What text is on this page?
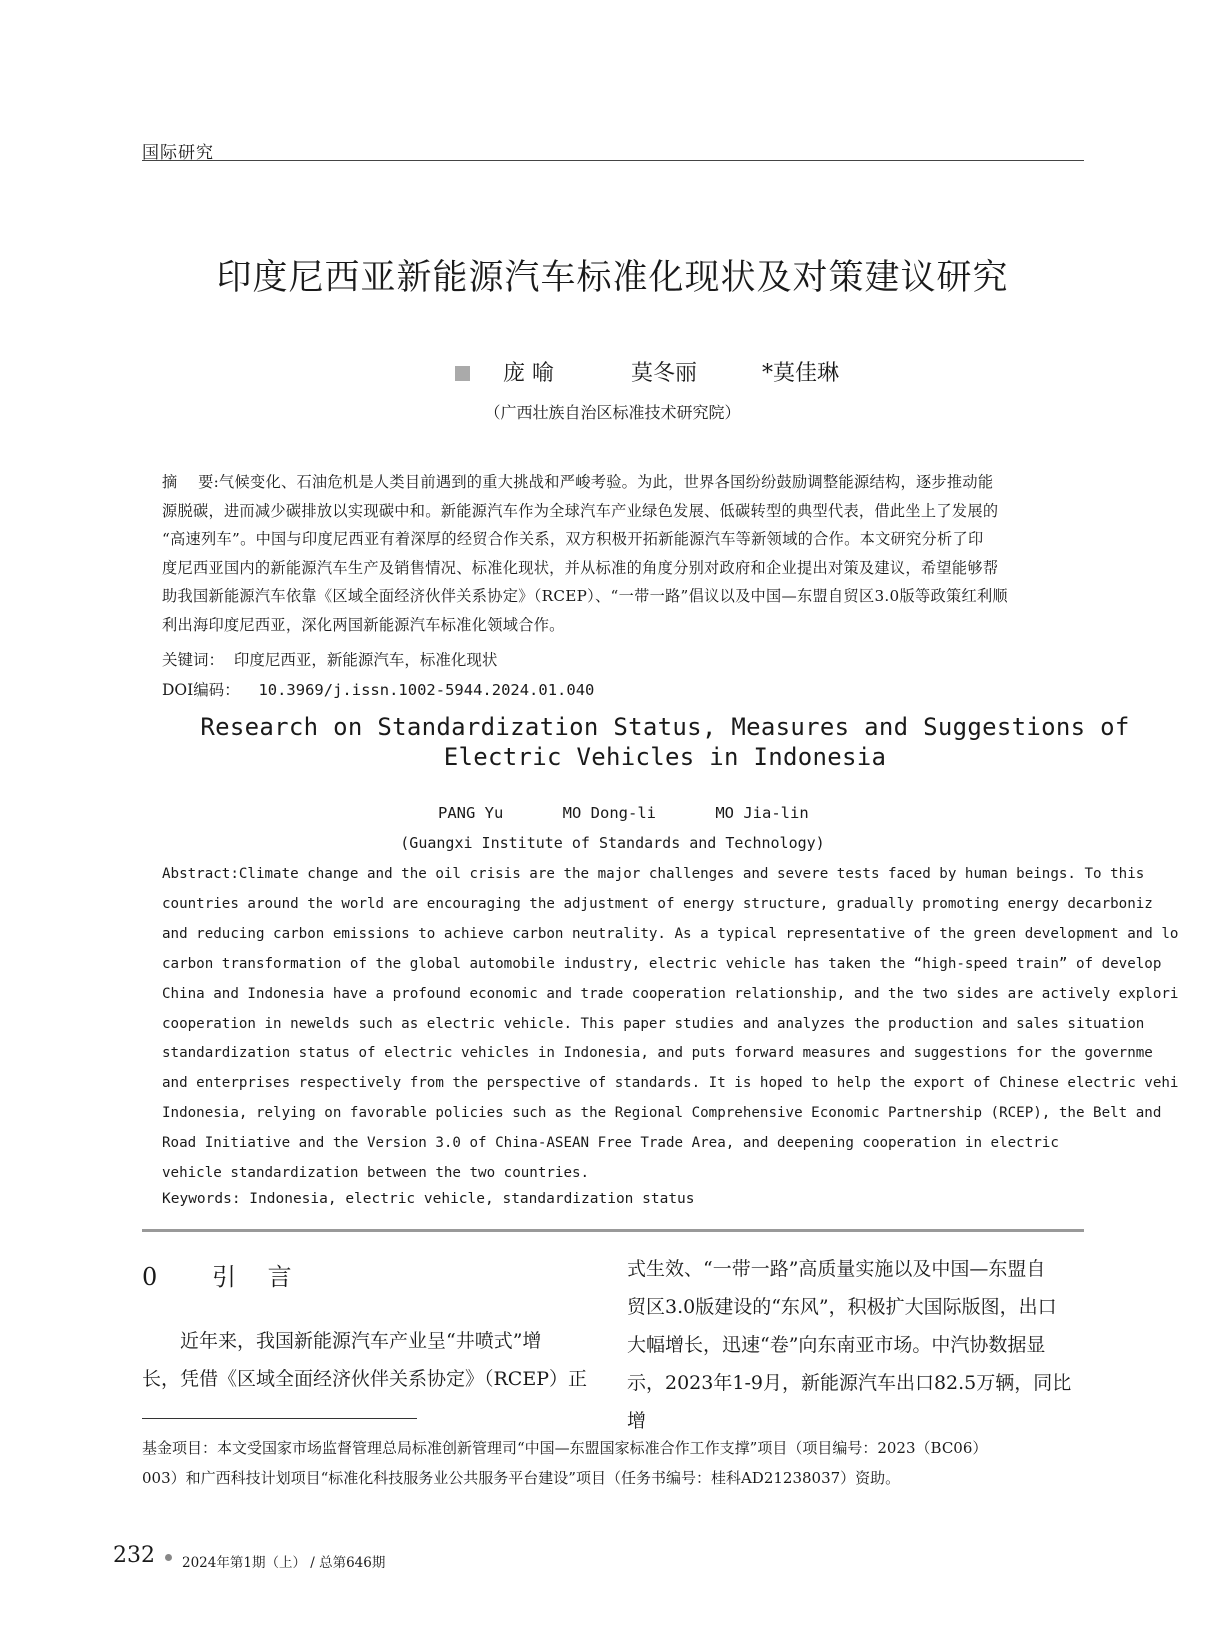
国际研究
印度尼西亚新能源汽车标准化现状及对策建议研究
庞 喻	莫冬丽	*莫佳琳
（广西壮族自治区标准技术研究院）

摘　 要:气候变化、石油危机是人类目前遇到的重大挑战和严峻考验。为此，世界各国纷纷鼓励调整能源结构，逐步推动能

源脱碳，进而减少碳排放以实现碳中和。新能源汽车作为全球汽车产业绿色发展、低碳转型的典型代表，借此坐上了发展的

“高速列车”。中国与印度尼西亚有着深厚的经贸合作关系，双方积极开拓新能源汽车等新领域的合作。本文研究分析了印

度尼西亚国内的新能源汽车生产及销售情况、标准化现状，并从标准的角度分别对政府和企业提出对策及建议，希望能够帮

助我国新能源汽车依靠《区域全面经济伙伴关系协定》（RCEP）、“一带一路”倡议以及中国—东盟自贸区3.0版等政策红利顺

利出海印度尼西亚，深化两国新能源汽车标准化领域合作。

关键词： 印度尼西亚，新能源汽车，标准化现状
DOI编码： 10.3969/j.issn.1002-5944.2024.01.040
Research on Standardization Status, Measures and Suggestions of Electric Vehicles in Indonesia
PANG Yu	MO Dong-li	MO Jia-lin
(Guangxi Institute of Standards and Technology)
Abstract:Climate change and the oil crisis are the major challenges and severe tests faced by human beings. To this
countries around the world are encouraging the adjustment of energy structure, gradually promoting energy decarboniz
and reducing carbon emissions to achieve carbon neutrality. As a typical representative of the green development and lo
carbon transformation of the global automobile industry, electric vehicle has taken the “high-speed train” of develop
China and Indonesia have a profound economic and trade cooperation relationship, and the two sides are actively explori
cooperation in newelds such as electric vehicle. This paper studies and analyzes the production and sales situation
standardization status of electric vehicles in Indonesia, and puts forward measures and suggestions for the governme
and enterprises respectively from the perspective of standards. It is hoped to help the export of Chinese electric vehi
Indonesia, relying on favorable policies such as the Regional Comprehensive Economic Partnership (RCEP), the Belt and
Road Initiative and the Version 3.0 of China-ASEAN Free Trade Area, and deepening cooperation in electric
vehicle standardization between the two countries.
Keywords: Indonesia, electric vehicle, standardization status
0 引 言

　　近年来，我国新能源汽车产业呈“井喷式”增

长，凭借《区域全面经济伙伴关系协定》（RCEP）正

式生效、“一带一路”高质量实施以及中国—东盟自

贸区3.0版建设的“东风”，积极扩大国际版图，出口

大幅增长，迅速“卷”向东南亚市场。中汽协数据显

示，2023年1-9月，新能源汽车出口82.5万辆，同比增

基金项目：本文受国家市场监督管理总局标准创新管理司“中国—东盟国家标准合作工作支撑”项目（项目编号：2023（BC06）

003）和广西科技计划项目“标准化科技服务业公共服务平台建设”项目（任务书编号：桂科AD21238037）资助。

232 2024年第1期（上） / 总第646期
